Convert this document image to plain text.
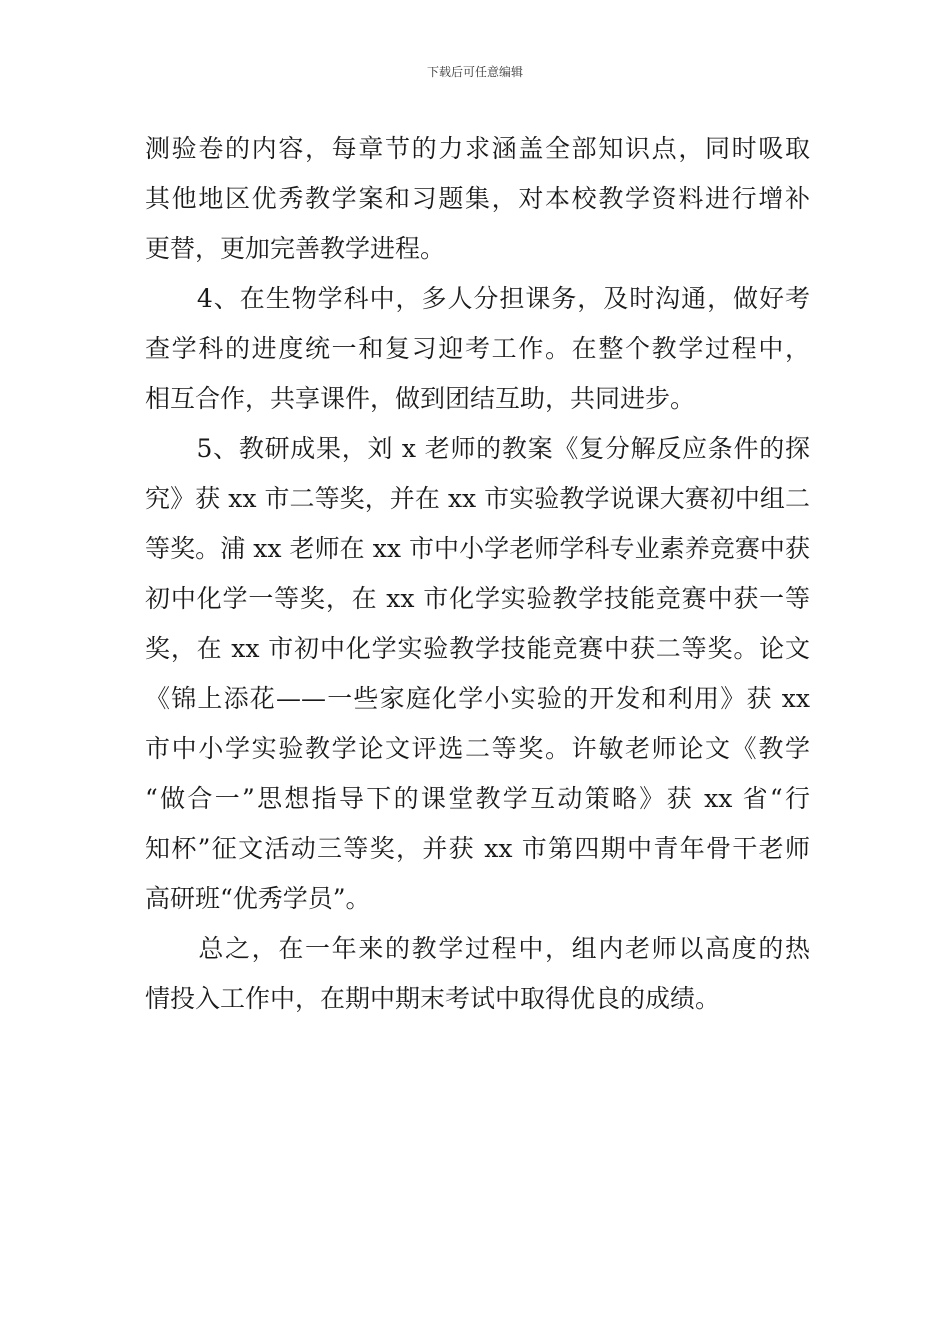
下载后可任意编辑
测验卷的内容，每章节的力求涵盖全部知识点，同时吸取
其他地区优秀教学案和习题集，对本校教学资料进行增补
更替，更加完善教学进程。
　　4、在生物学科中，多人分担课务，及时沟通，做好考
查学科的进度统一和复习迎考工作。在整个教学过程中，
相互合作，共享课件，做到团结互助，共同进步。
　　5、教研成果，刘 x 老师的教案《复分解反应条件的探
究》获 xx 市二等奖，并在 xx 市实验教学说课大赛初中组二
等奖。浦 xx 老师在 xx 市中小学老师学科专业素养竞赛中获
初中化学一等奖，在 xx 市化学实验教学技能竞赛中获一等
奖，在 xx 市初中化学实验教学技能竞赛中获二等奖。论文
《锦上添花——一些家庭化学小实验的开发和利用》获 xx
市中小学实验教学论文评选二等奖。许敏老师论文《教学
“做合一”思想指导下的课堂教学互动策略》获 xx 省“行
知杯”征文活动三等奖，并获 xx 市第四期中青年骨干老师
高研班“优秀学员”。
　　总之，在一年来的教学过程中，组内老师以高度的热
情投入工作中，在期中期末考试中取得优良的成绩。
